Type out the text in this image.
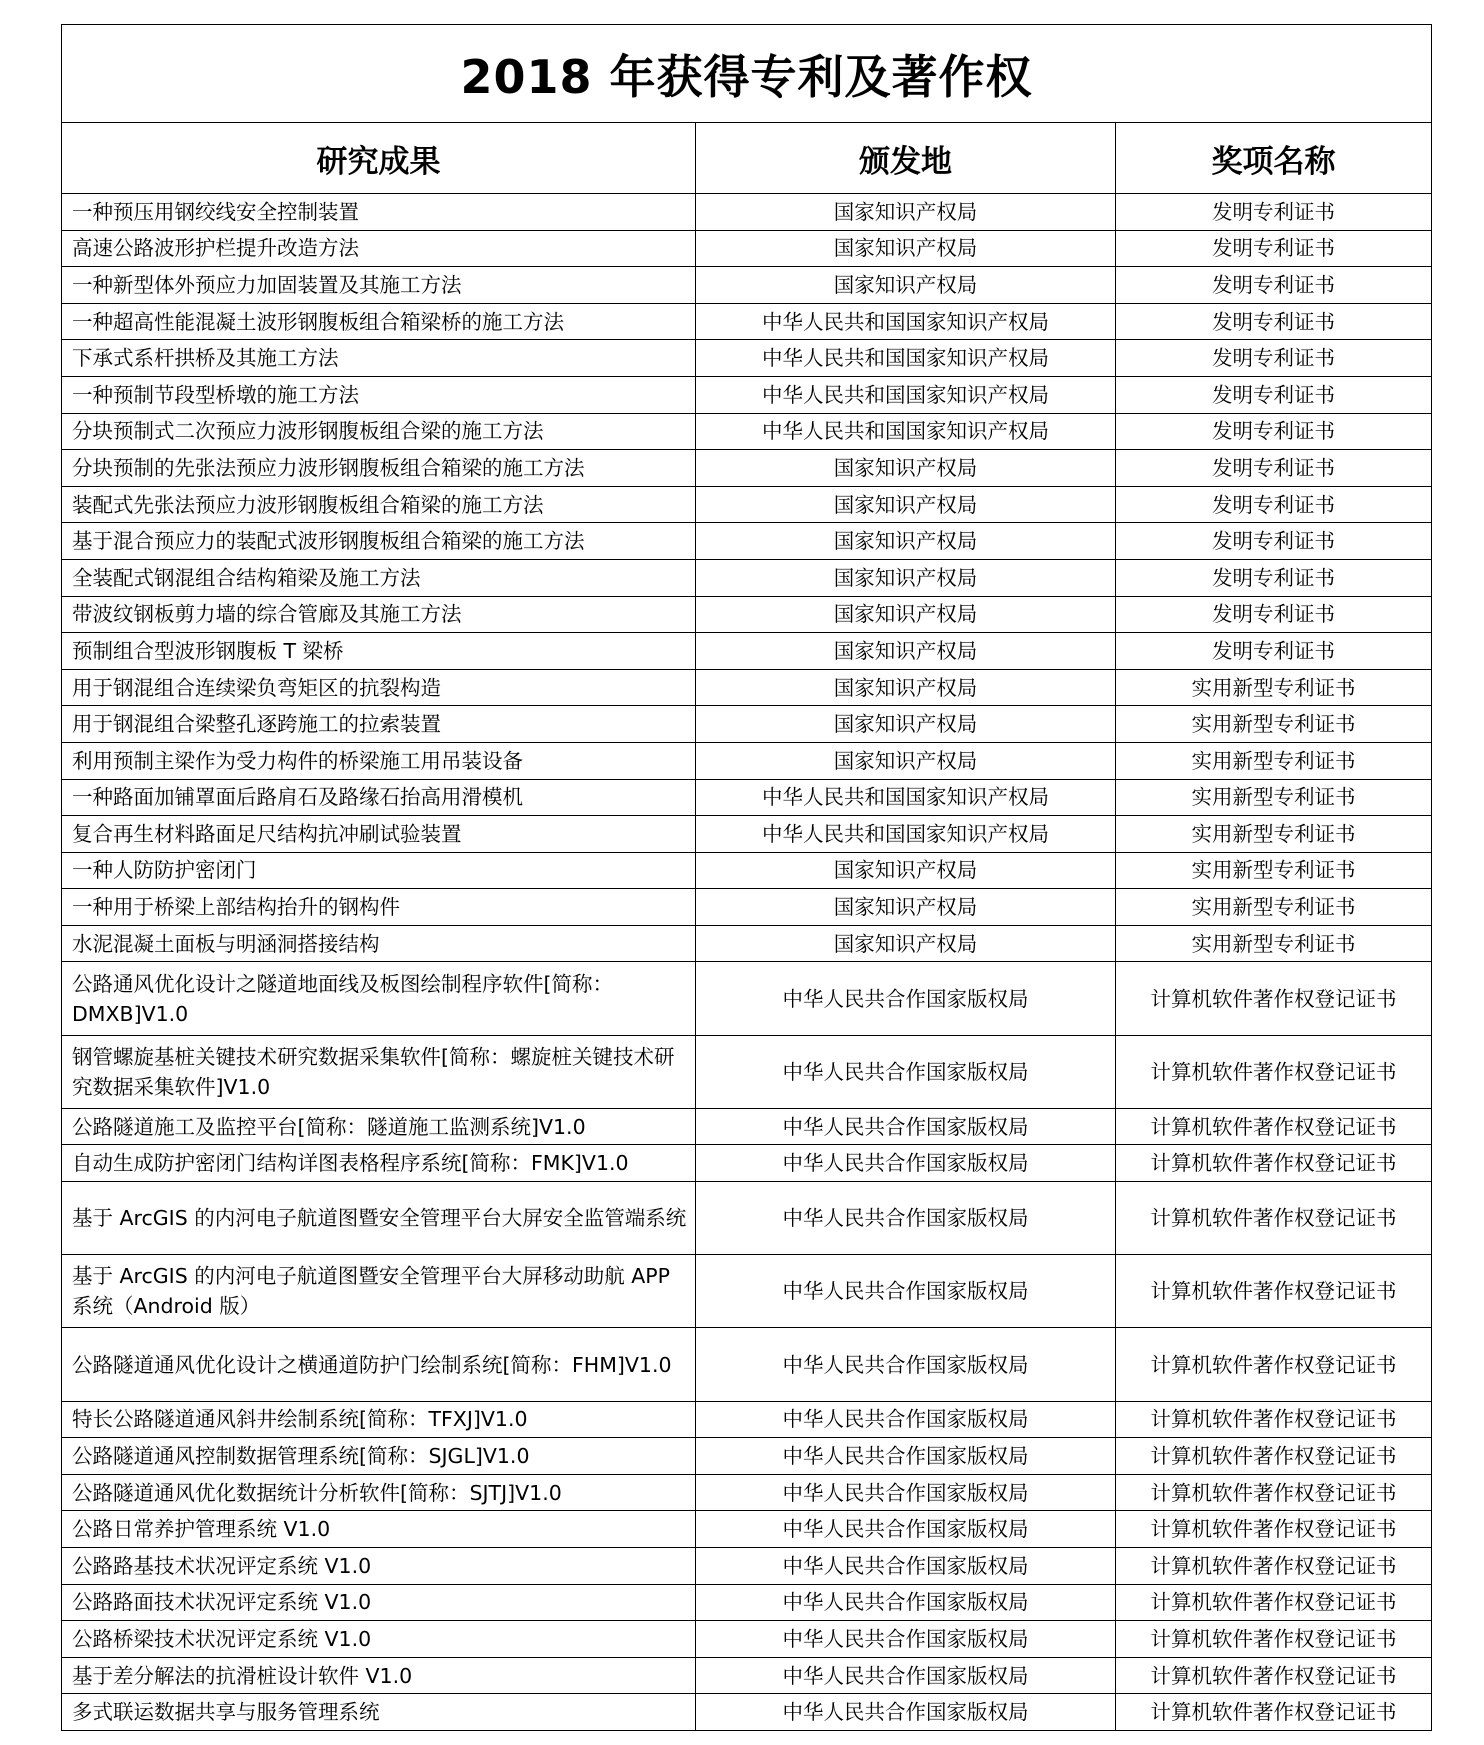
2018 年获得专利及著作权		
研究成果	颁发地	奖项名称
一种预压用钢绞线安全控制装置	国家知识产权局	发明专利证书
高速公路波形护栏提升改造方法	国家知识产权局	发明专利证书
一种新型体外预应力加固装置及其施工方法	国家知识产权局	发明专利证书
一种超高性能混凝土波形钢腹板组合箱梁桥的施工方法	中华人民共和国国家知识产权局	发明专利证书
下承式系杆拱桥及其施工方法	中华人民共和国国家知识产权局	发明专利证书
一种预制节段型桥墩的施工方法	中华人民共和国国家知识产权局	发明专利证书
分块预制式二次预应力波形钢腹板组合梁的施工方法	中华人民共和国国家知识产权局	发明专利证书
分块预制的先张法预应力波形钢腹板组合箱梁的施工方法	国家知识产权局	发明专利证书
装配式先张法预应力波形钢腹板组合箱梁的施工方法	国家知识产权局	发明专利证书
基于混合预应力的装配式波形钢腹板组合箱梁的施工方法	国家知识产权局	发明专利证书
全装配式钢混组合结构箱梁及施工方法	国家知识产权局	发明专利证书
带波纹钢板剪力墙的综合管廊及其施工方法	国家知识产权局	发明专利证书
预制组合型波形钢腹板 T 梁桥	国家知识产权局	发明专利证书
用于钢混组合连续梁负弯矩区的抗裂构造	国家知识产权局	实用新型专利证书
用于钢混组合梁整孔逐跨施工的拉索装置	国家知识产权局	实用新型专利证书
利用预制主梁作为受力构件的桥梁施工用吊装设备	国家知识产权局	实用新型专利证书
一种路面加铺罩面后路肩石及路缘石抬高用滑模机	中华人民共和国国家知识产权局	实用新型专利证书
复合再生材料路面足尺结构抗冲刷试验装置	中华人民共和国国家知识产权局	实用新型专利证书
一种人防防护密闭门	国家知识产权局	实用新型专利证书
一种用于桥梁上部结构抬升的钢构件	国家知识产权局	实用新型专利证书
水泥混凝土面板与明涵洞搭接结构	国家知识产权局	实用新型专利证书
公路通风优化设计之隧道地面线及板图绘制程序软件[简称：DMXB]V1.0	中华人民共合作国家版权局	计算机软件著作权登记证书
钢管螺旋基桩关键技术研究数据采集软件[简称：螺旋桩关键技术研究数据采集软件]V1.0	中华人民共合作国家版权局	计算机软件著作权登记证书
公路隧道施工及监控平台[简称：隧道施工监测系统]V1.0	中华人民共合作国家版权局	计算机软件著作权登记证书
自动生成防护密闭门结构详图表格程序系统[简称：FMK]V1.0	中华人民共合作国家版权局	计算机软件著作权登记证书
基于 ArcGIS 的内河电子航道图暨安全管理平台大屏安全监管端系统	中华人民共合作国家版权局	计算机软件著作权登记证书
基于 ArcGIS 的内河电子航道图暨安全管理平台大屏移动助航 APP 系统（Android 版）	中华人民共合作国家版权局	计算机软件著作权登记证书
公路隧道通风优化设计之横通道防护门绘制系统[简称：FHM]V1.0	中华人民共合作国家版权局	计算机软件著作权登记证书
特长公路隧道通风斜井绘制系统[简称：TFXJ]V1.0	中华人民共合作国家版权局	计算机软件著作权登记证书
公路隧道通风控制数据管理系统[简称：SJGL]V1.0	中华人民共合作国家版权局	计算机软件著作权登记证书
公路隧道通风优化数据统计分析软件[简称：SJTJ]V1.0	中华人民共合作国家版权局	计算机软件著作权登记证书
公路日常养护管理系统 V1.0	中华人民共合作国家版权局	计算机软件著作权登记证书
公路路基技术状况评定系统 V1.0	中华人民共合作国家版权局	计算机软件著作权登记证书
公路路面技术状况评定系统 V1.0	中华人民共合作国家版权局	计算机软件著作权登记证书
公路桥梁技术状况评定系统 V1.0	中华人民共合作国家版权局	计算机软件著作权登记证书
基于差分解法的抗滑桩设计软件 V1.0	中华人民共合作国家版权局	计算机软件著作权登记证书
多式联运数据共享与服务管理系统	中华人民共合作国家版权局	计算机软件著作权登记证书
